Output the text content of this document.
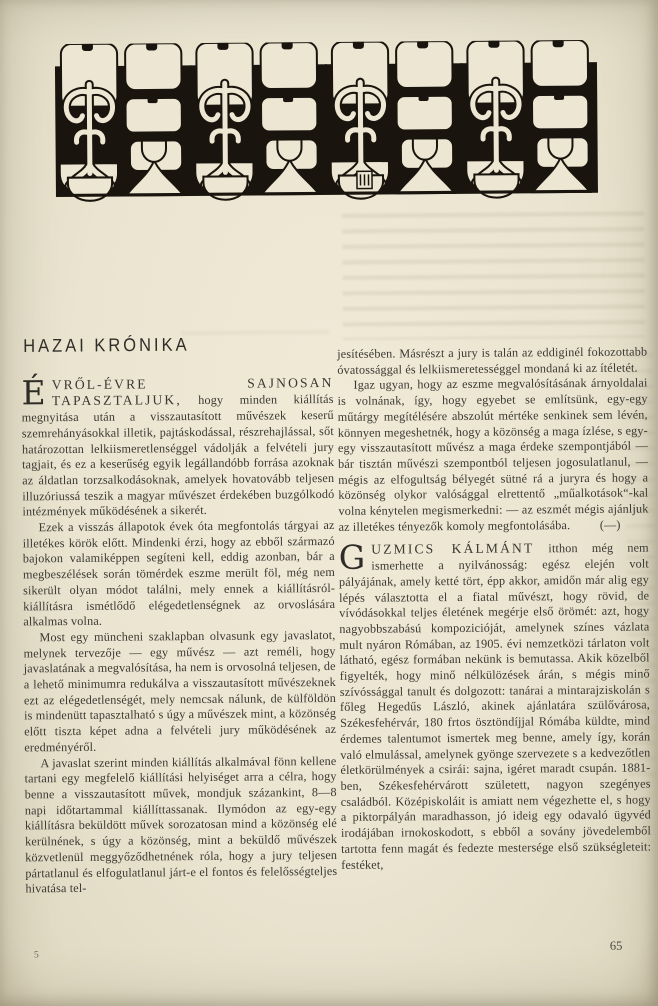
HAZAI KRÓNIKA

ÉVRŐL-ÉVRE SAJNOSAN TAPASZTALJUK, hogy minden kiállítás megnyitása után a visszautasított művészek keserű szemrehányásokkal illetik, pajtáskodással, részrehajlással, sőt határozottan lelkiismeretlenséggel vádolják a felvételi jury tagjait, és ez a keserűség egyik legállandóbb forrása azoknak az áldatlan torzsalkodásoknak, amelyek hovatovább teljesen illuzóriussá teszik a magyar művészet érdekében buzgólkodó intézmények működésének a sikerét.

Ezek a visszás állapotok évek óta megfontolás tárgyai az illetékes körök előtt. Mindenki érzi, hogy az ebből származó bajokon valamiképpen segíteni kell, eddig azonban, bár a megbeszélések során tömérdek eszme merült föl, még nem sikerült olyan módot találni, mely ennek a kiállításról-kiállításra ismétlődő elégedetlenségnek az orvoslására alkalmas volna.

Most egy müncheni szaklapban olvasunk egy javaslatot, melynek tervezője — egy művész — azt reméli, hogy javaslatának a megvalósítása, ha nem is orvosolná teljesen, de a lehető minimumra redukálva a visszautasított művészeknek ezt az elégedetlenségét, mely nemcsak nálunk, de külföldön is mindenütt tapasztalható s úgy a művészek mint, a közönség előtt tiszta képet adna a felvételi jury működésének az eredményéről.

A javaslat szerint minden kiállítás alkalmával fönn kellene tartani egy megfelelő kiállítási helyiséget arra a célra, hogy benne a visszautasított művek, mondjuk százankint, 8—8 napi időtartammal kiállíttassanak. Ilymódon az egy-egy kiállításra beküldött művek sorozatosan mind a közönség elé kerülnének, s úgy a közönség, mint a beküldő művészek közvetlenül meggyőződhetnének róla, hogy a jury teljesen pártatlanul és elfogulatlanul járt-e el fontos és felelősségteljes hivatása tel-

jesítésében. Másrészt a jury is talán az eddiginél fokozottabb óvatossággal és lelkiismeretességgel mondaná ki az ítéletét.

Igaz ugyan, hogy az eszme megvalósításának árnyoldalai is volnának, így, hogy egyebet se említsünk, egy-egy műtárgy megítélésére abszolút mértéke senkinek sem lévén, könnyen megeshetnék, hogy a közönség a maga ízlése, s egy-egy visszautasított művész a maga érdeke szempontjából — bár tisztán művészi szempontból teljesen jogosulatlanul, — mégis az elfogultság bélyegét sütné rá a juryra és hogy a közönség olykor valósággal elrettentő „műalkotások“-kal volna kénytelen megismerkedni: — az eszmét mégis ajánljuk az illetékes tényezők komoly megfontolásába.	(—)

GUZMICS KÁLMÁNT itthon még nem ismerhette a nyilvánosság: egész elején volt pályájának, amely ketté tört, épp akkor, amidőn már alig egy lépés választotta el a fiatal művészt, hogy rövid, de vívódásokkal teljes életének megérje első örömét: azt, hogy nagyobbszabású kompozicióját, amelynek színes vázlata mult nyáron Rómában, az 1905. évi nemzetközi tárlaton volt látható, egész formában nekünk is bemutassa. Akik közelből figyelték, hogy minő nélkülözések árán, s mégis minő szívóssággal tanult és dolgozott: tanárai a mintarajziskolán s főleg Hegedűs László, akinek ajánlatára szülővárosa, Székesfehérvár, 180 frtos ösztöndíjjal Rómába küldte, mind érdemes talentumot ismertek meg benne, amely így, korán való elmulással, amelynek gyönge szervezete s a kedvezőtlen életkörülmények a csirái: sajna, igéret maradt csupán. 1881-ben, Székesfehérvárott született, nagyon szegényes családból. Középiskoláit is amiatt nem végezhette el, s hogy a piktorpályán maradhasson, jó ideig egy odavaló ügyvéd irodájában irnokoskodott, s ebből a sovány jövedelemből tartotta fenn magát és fedezte mestersége első szükségleteit: festéket,

5
65
